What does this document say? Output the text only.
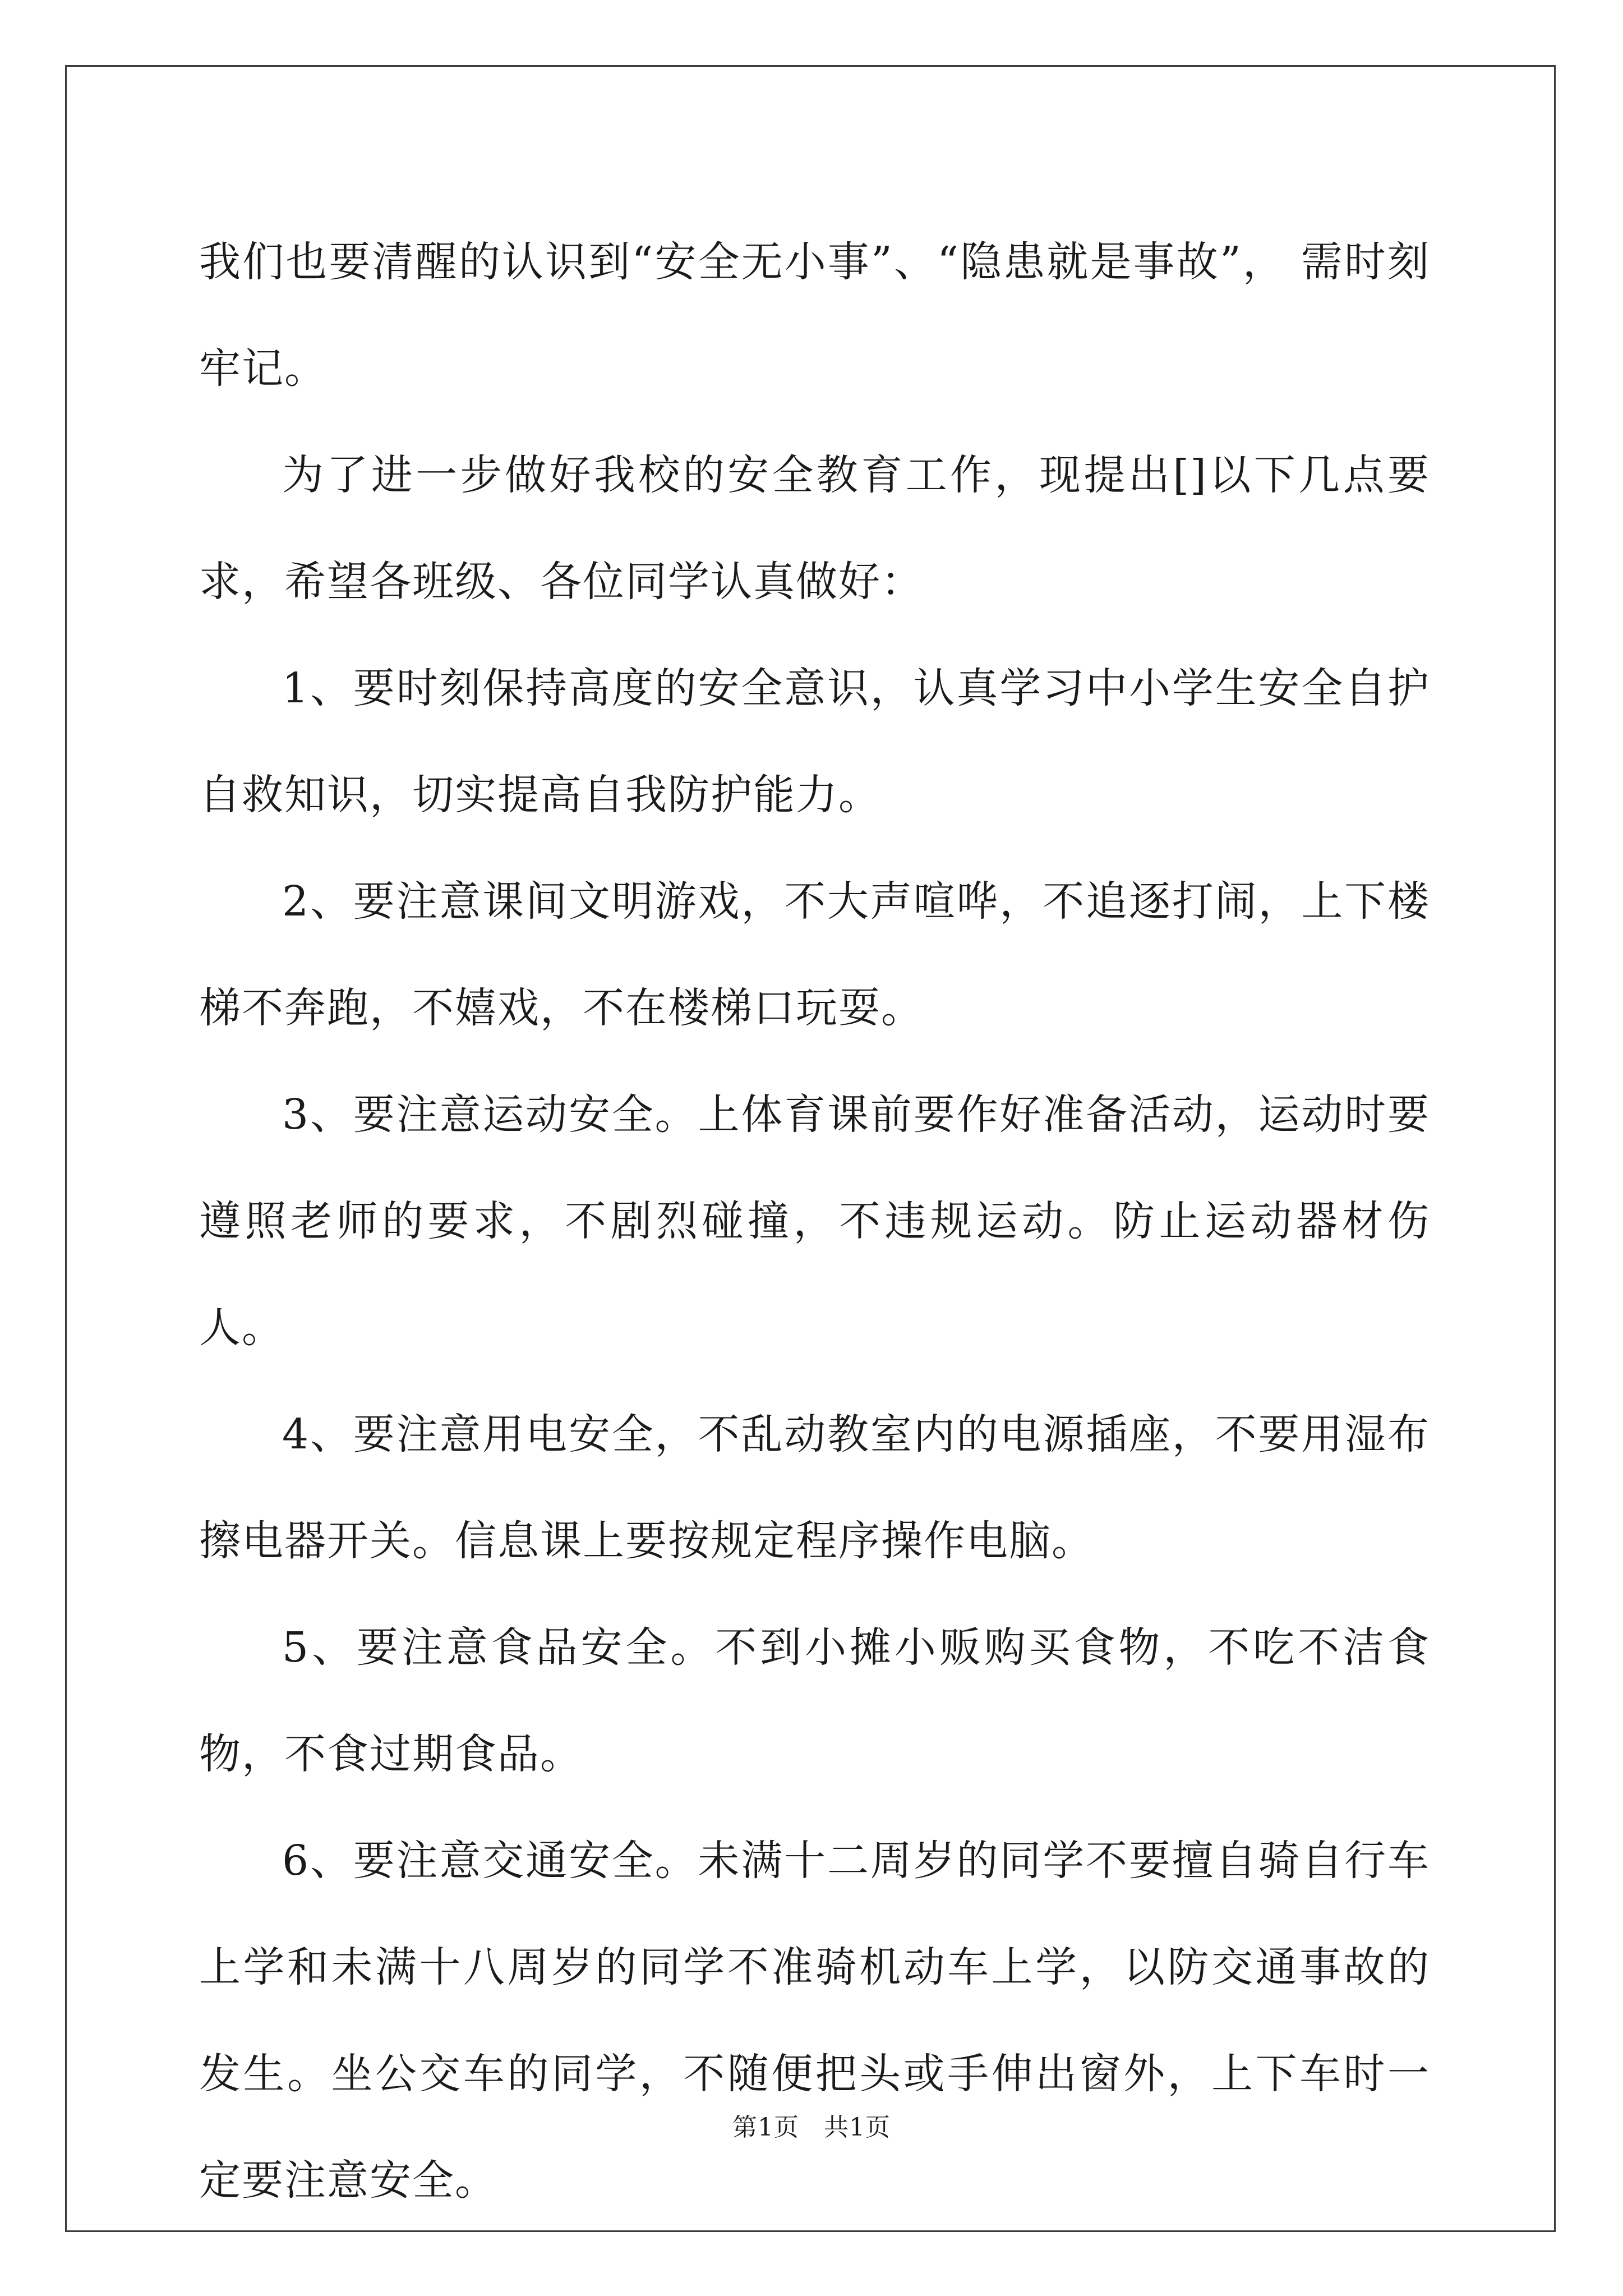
我们也要清醒的认识到“安全无小事”、“隐患就是事故”， 需时刻牢记。

为了进一步做好我校的安全教育工作，现提出[]以下几点要求，希望各班级、各位同学认真做好：

1、要时刻保持高度的安全意识，认真学习中小学生安全自护自救知识，切实提高自我防护能力。

2、要注意课间文明游戏，不大声喧哗，不追逐打闹，上下楼梯不奔跑，不嬉戏，不在楼梯口玩耍。

3、要注意运动安全。上体育课前要作好准备活动，运动时要遵照老师的要求，不剧烈碰撞，不违规运动。防止运动器材伤人。

4、要注意用电安全，不乱动教室内的电源插座，不要用湿布擦电器开关。信息课上要按规定程序操作电脑。

5、要注意食品安全。不到小摊小贩购买食物，不吃不洁食物，不食过期食品。

6、要注意交通安全。未满十二周岁的同学不要擅自骑自行车上学和未满十八周岁的同学不准骑机动车上学，以防交通事故的发生。坐公交车的同学，不随便把头或手伸出窗外，上下车时一定要注意安全。

第1页 共1页
